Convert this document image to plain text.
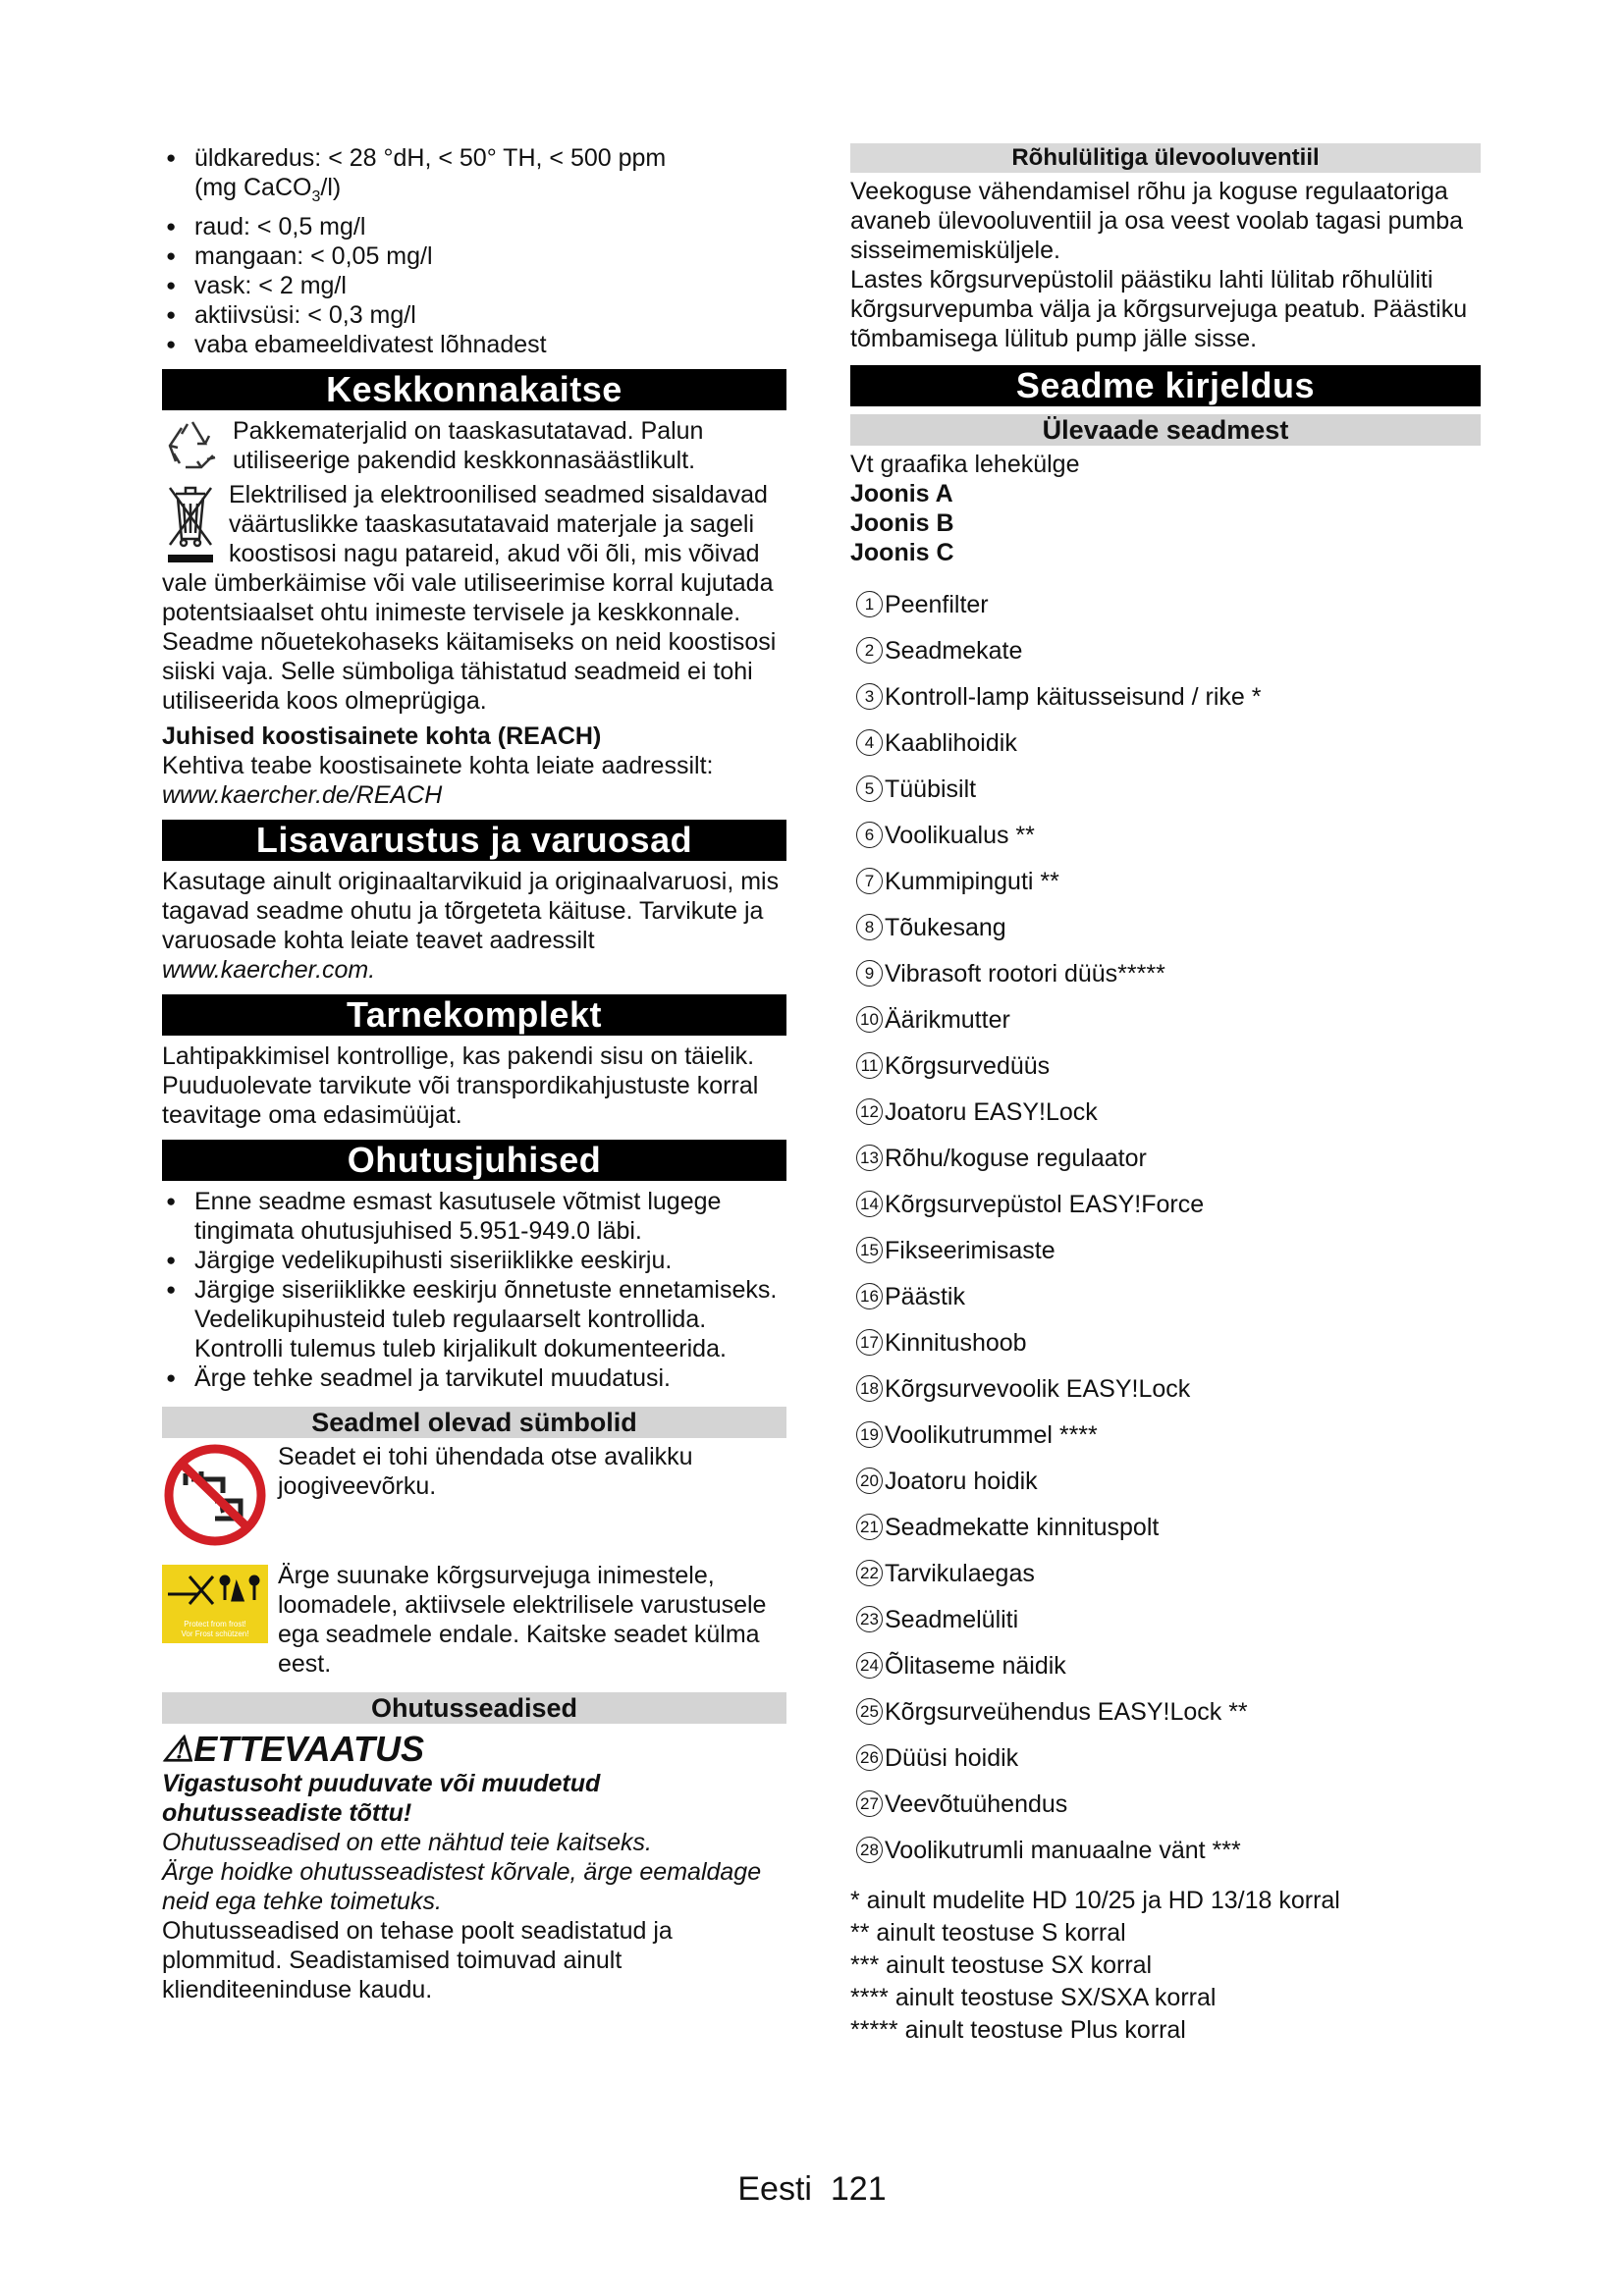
● üldkaredus: < 28 °dH, < 50° TH, < 500 ppm
(mg CaCO$_3$/l)
● raud: < 0,5 mg/l
● mangaan: < 0,05 mg/l
● vask: < 2 mg/l
● aktiivsüsi: < 0,3 mg/l
● vaba ebameeldivatest lõhnadest
Keskkonnakaitse

Pakkematerjalid on taaskasutatavad. Palun utiliseerige pakendid keskkonnasäästlikult.

Elektrilised ja elektroonilised seadmed sisaldavad väärtuslikke taaskasutatavaid materjale ja sageli koostisosi nagu patareid, akud või õli, mis võivad vale ümberkäimise või vale utiliseerimise korral kujutada potentsiaalset ohtu inimeste tervisele ja keskkonnale. Seadme nõuetekohaseks käitamiseks on neid koostisosi siiski vaja. Selle sümboliga tähistatud seadmeid ei tohi utiliseerida koos olmeprügiga.

Juhised koostisainete kohta (REACH)

Kehtiva teabe koostisainete kohta leiate aadressilt:

www.kaercher.de/REACH

Lisavarustus ja varuosad

Kasutage ainult originaaltarvikuid ja originaalvaruosi, mis tagavad seadme ohutu ja tõrgeteta käituse. Tarvikute ja varuosade kohta leiate teavet aadressilt

www.kaercher.com.

Tarnekomplekt

Lahtipakkimisel kontrollige, kas pakendi sisu on täielik. Puuduolevate tarvikute või transpordikahjustuste korral teavitage oma edasimüüjat.

Ohutusjuhised
● Enne seadme esmast kasutusele võtmist lugege tingimata ohutusjuhised 5.951-949.0 läbi.
● Järgige vedelikupihusti siseriiklikke eeskirju.
● Järgige siseriiklikke eeskirju õnnetuste ennetamiseks. Vedelikupihusteid tuleb regulaarselt kontrollida. Kontrolli tulemus tuleb kirjalikult dokumenteerida.
● Ärge tehke seadmel ja tarvikutel muudatusi.
Seadmel olevad sümbolid

Seadet ei tohi ühendada otse avalikku joogiveevõrku.

Protect from frost!
Vor Frost schützen!

Ärge suunake kõrgsurvejuga inimestele, loomadele, aktiivsele elektrilisele varustusele ega seadmele endale. Kaitske seadet külma eest.

Ohutusseadised
⚠ETTEVAATUS

Vigastusoht puuduvate või muudetud ohutusseadiste tõttu!

Ohutusseadised on ette nähtud teie kaitseks.

Ärge hoidke ohutusseadistest kõrvale, ärge eemaldage neid ega tehke toimetuks.

Ohutusseadised on tehase poolt seadistatud ja plommitud. Seadistamised toimuvad ainult klienditeeninduse kaudu.

Rõhulülitiga ülevooluventiil

Veekoguse vähendamisel rõhu ja koguse regulaatoriga avaneb ülevooluventiil ja osa veest voolab tagasi pumba sisseimemisküljele.

Lastes kõrgsurvepüstolil päästiku lahti lülitab rõhulüliti kõrgsurvepumba välja ja kõrgsurvejuga peatub. Päästiku tõmbamisega lülitub pump jälle sisse.

Seadme kirjeldus
Ülevaade seadmest

Vt graafika lehekülge

Joonis A

Joonis B

Joonis C

1 Peenfilter
2 Seadmekate
3 Kontroll-lamp käitusseisund / rike *
4 Kaablihoidik
5 Tüübisilt
6 Voolikualus **
7 Kummipinguti **
8 Tõukesang
9 Vibrasoft rootori düüs*****
10 Äärikmutter
11 Kõrgsurvedüüs
12 Joatoru EASY!Lock
13 Rõhu/koguse regulaator
14 Kõrgsurvepüstol EASY!Force
15 Fikseerimisaste
16 Päästik
17 Kinnitushoob
18 Kõrgsurvevoolik EASY!Lock
19 Voolikutrummel ****
20 Joatoru hoidik
21 Seadmekatte kinnituspolt
22 Tarvikulaegas
23 Seadmelüliti
24 Õlitaseme näidik
25 Kõrgsurveühendus EASY!Lock **
26 Düüsi hoidik
27 Veevõtuühendus
28 Voolikutrumli manuaalne vänt ***

* ainult mudelite HD 10/25 ja HD 13/18 korral

** ainult teostuse S korral

*** ainult teostuse SX korral

**** ainult teostuse SX/SXA korral

***** ainult teostuse Plus korral

Eesti 121
